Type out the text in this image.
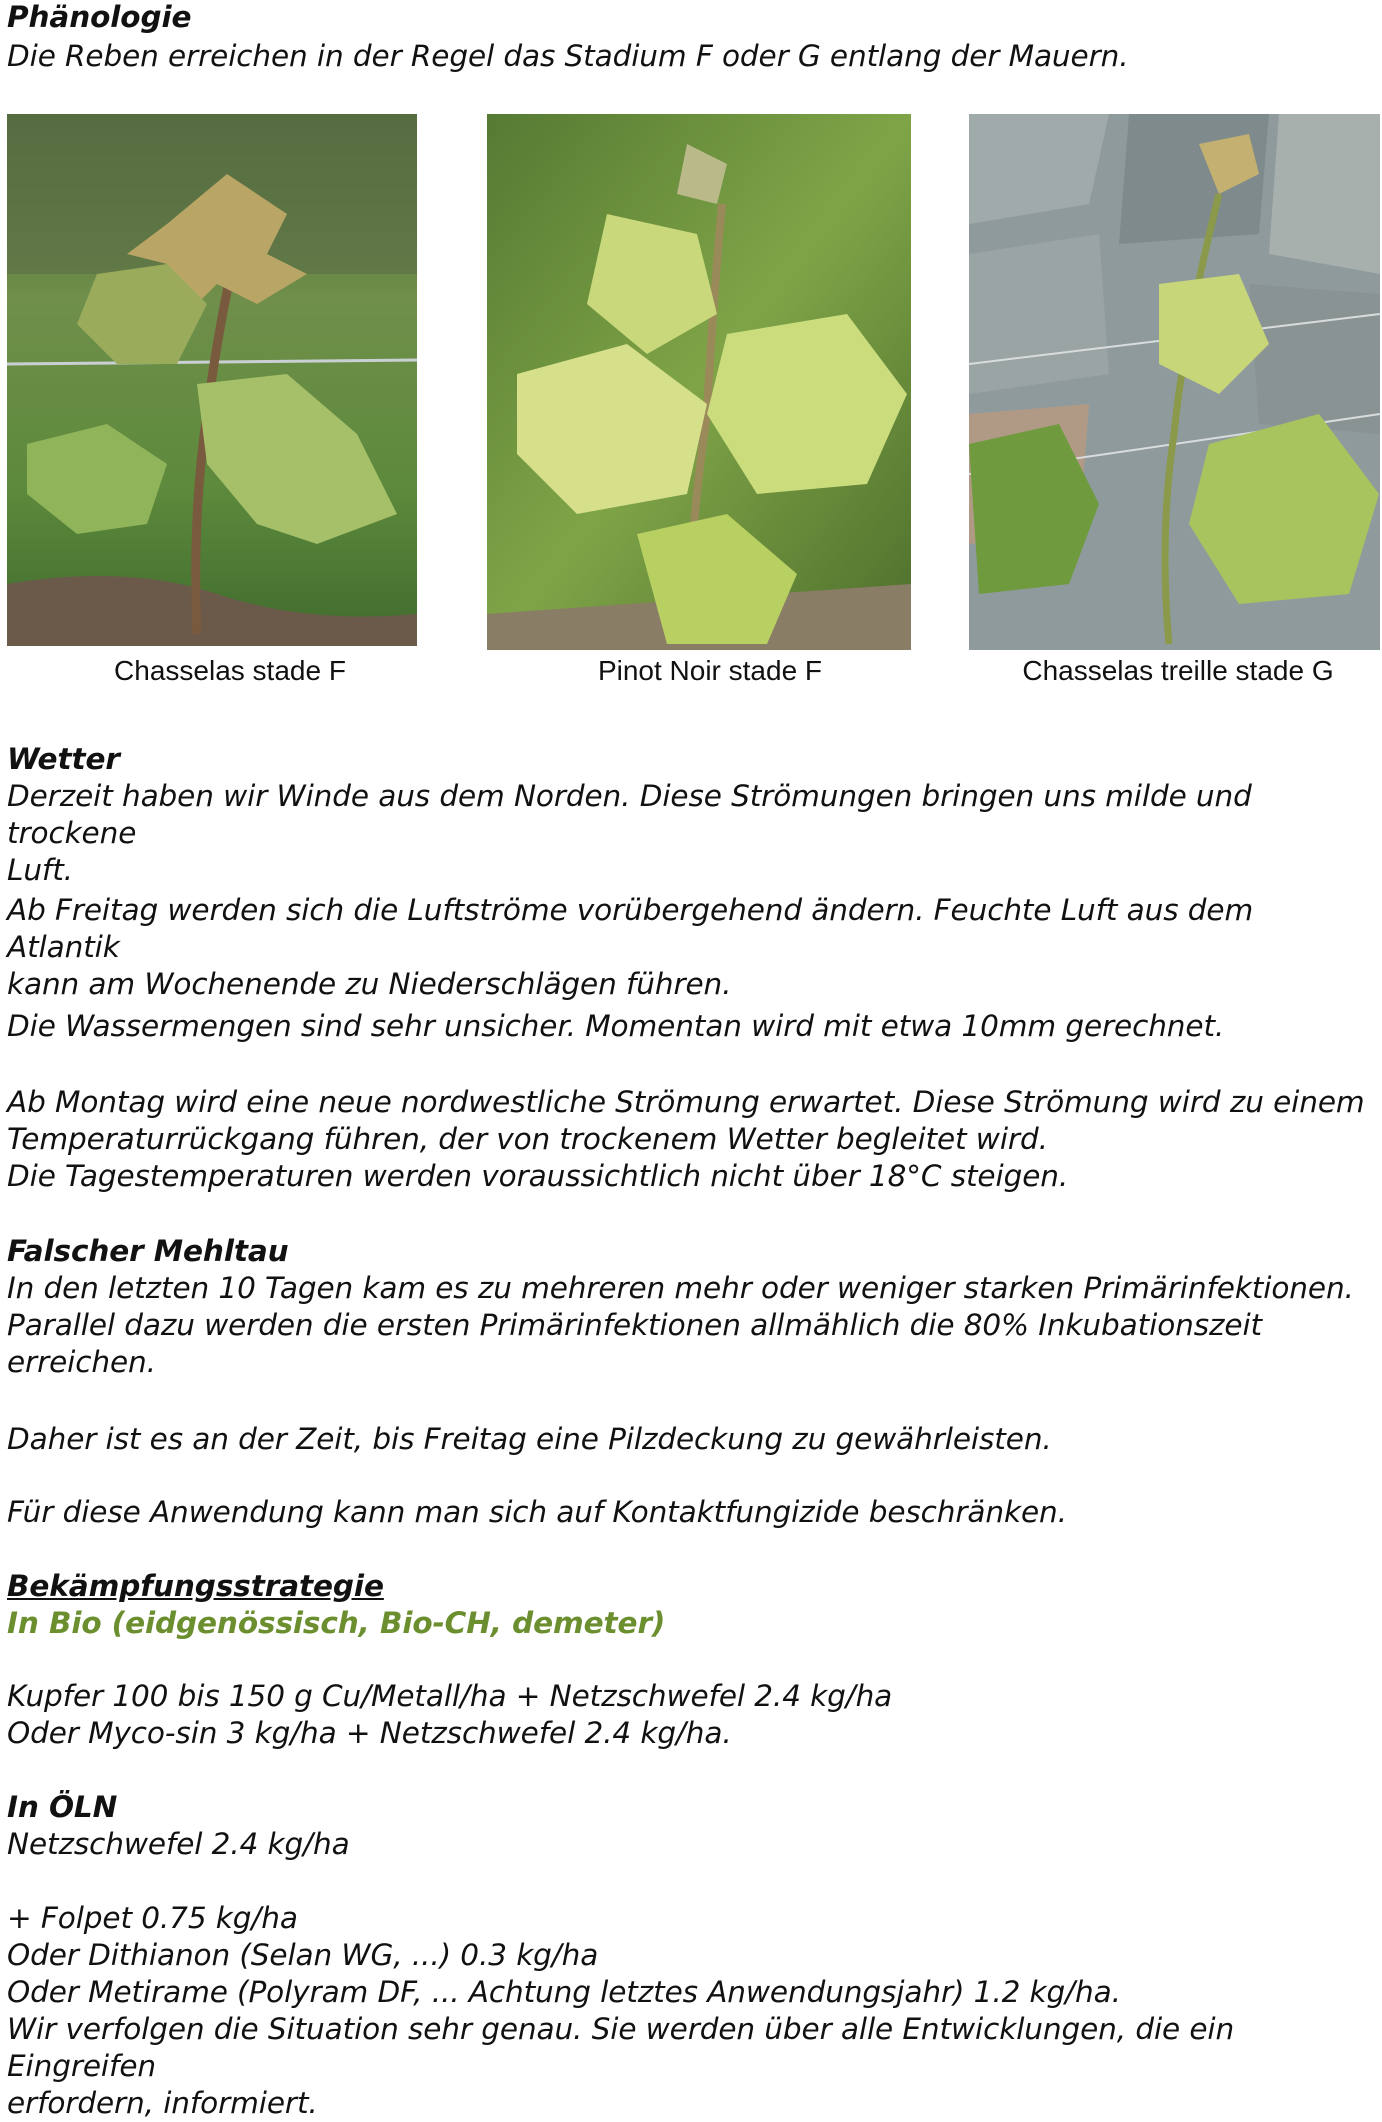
Phänologie
Die Reben erreichen in der Regel das Stadium F oder G entlang der Mauern.
Chasselas stade F	Pinot Noir stade F	Chasselas treille stade G
Wetter
Derzeit haben wir Winde aus dem Norden. Diese Strömungen bringen uns milde und trockene
Luft.
Ab Freitag werden sich die Luftströme vorübergehend ändern. Feuchte Luft aus dem Atlantik
kann am Wochenende zu Niederschlägen führen.
Die Wassermengen sind sehr unsicher. Momentan wird mit etwa 10mm gerechnet.
Ab Montag wird eine neue nordwestliche Strömung erwartet. Diese Strömung wird zu einem
Temperaturrückgang führen, der von trockenem Wetter begleitet wird.
Die Tagestemperaturen werden voraussichtlich nicht über 18°C steigen.
Falscher Mehltau
In den letzten 10 Tagen kam es zu mehreren mehr oder weniger starken Primärinfektionen.
Parallel dazu werden die ersten Primärinfektionen allmählich die 80% Inkubationszeit
erreichen.
Daher ist es an der Zeit, bis Freitag eine Pilzdeckung zu gewährleisten.
Für diese Anwendung kann man sich auf Kontaktfungizide beschränken.
Bekämpfungsstrategie
In Bio (eidgenössisch, Bio-CH, demeter)
Kupfer 100 bis 150 g Cu/Metall/ha + Netzschwefel 2.4 kg/ha
Oder Myco-sin 3 kg/ha + Netzschwefel 2.4 kg/ha.
In ÖLN
Netzschwefel 2.4 kg/ha
+ Folpet 0.75 kg/ha
Oder Dithianon (Selan WG, ...) 0.3 kg/ha
Oder Metirame (Polyram DF, ... Achtung letztes Anwendungsjahr) 1.2 kg/ha.
Wir verfolgen die Situation sehr genau. Sie werden über alle Entwicklungen, die ein Eingreifen
erfordern, informiert.
